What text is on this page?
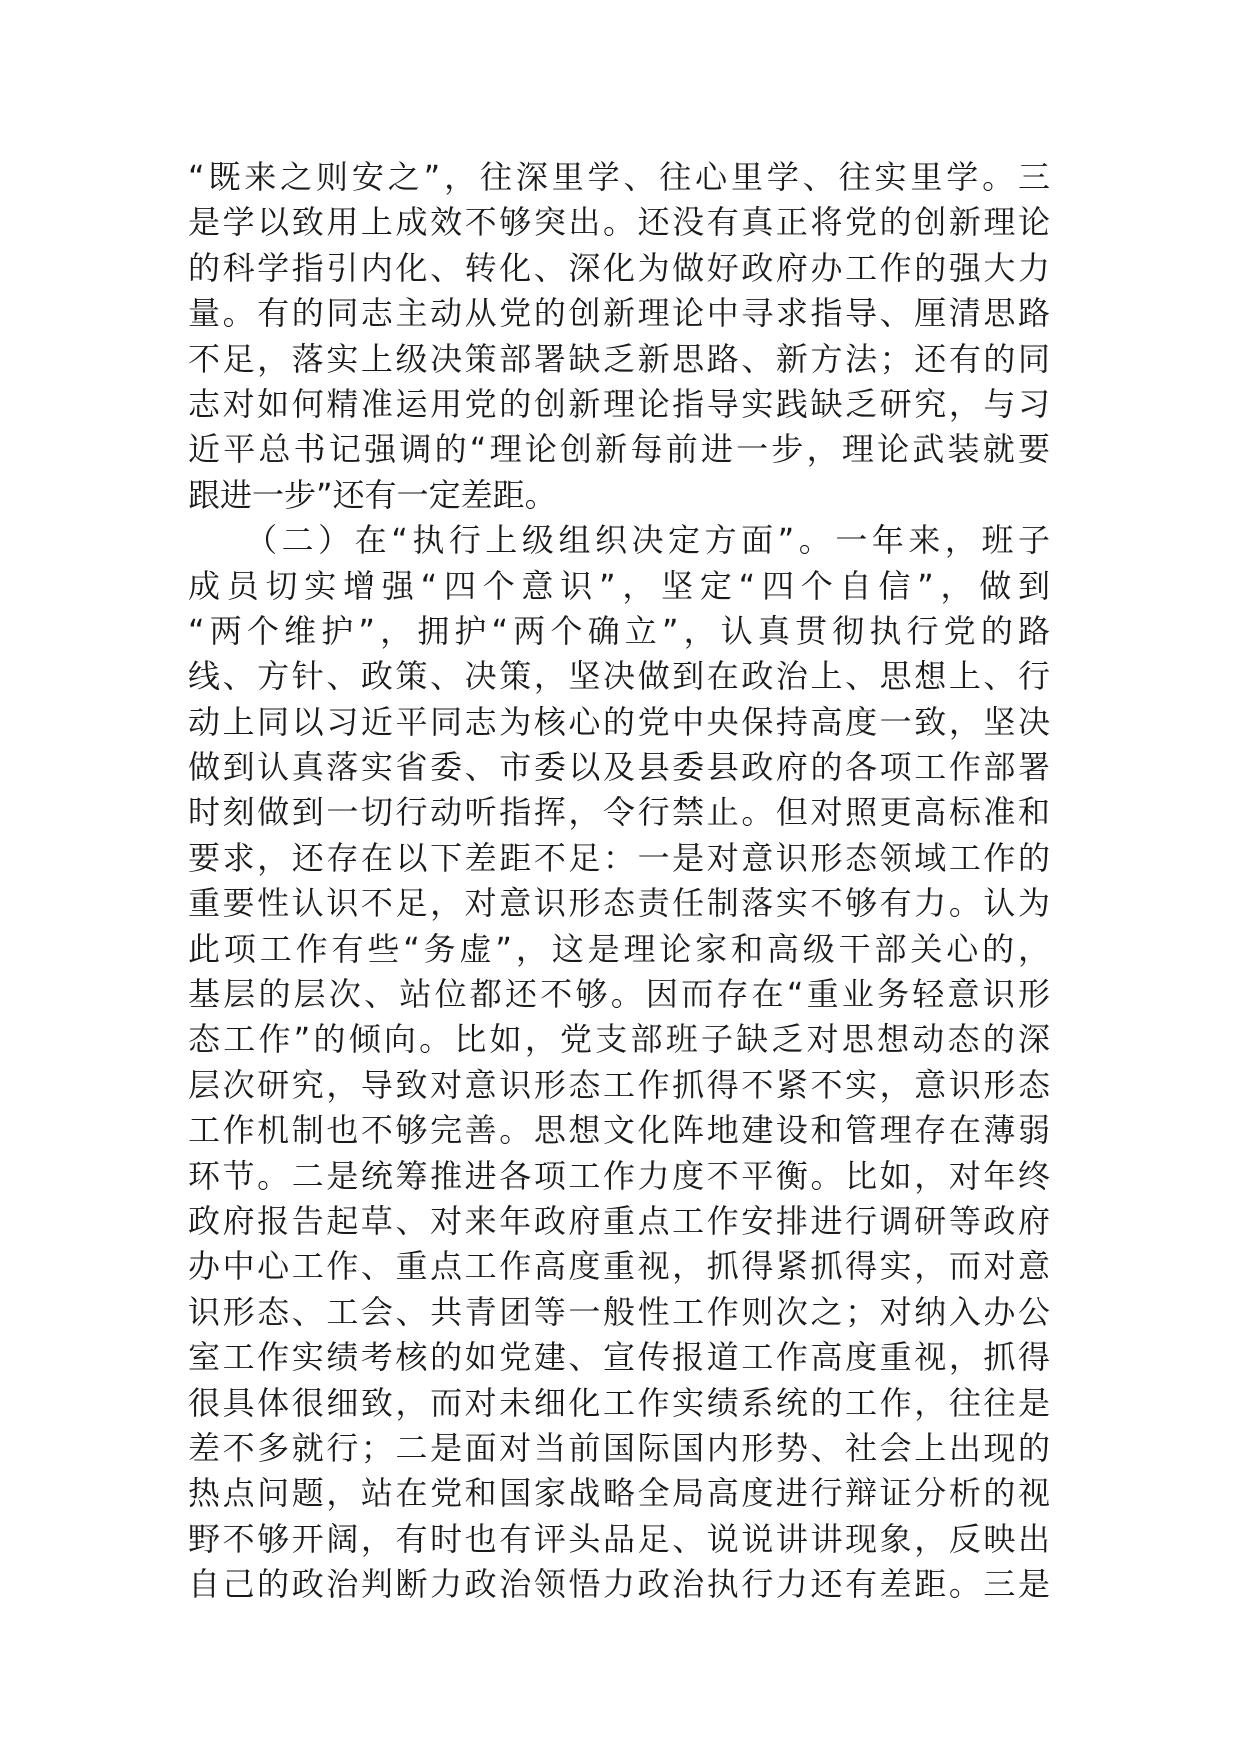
“既来之则安之”，往深里学、往心里学、往实里学。三
是学以致用上成效不够突出。还没有真正将党的创新理论
的科学指引内化、转化、深化为做好政府办工作的强大力
量。有的同志主动从党的创新理论中寻求指导、厘清思路
不足，落实上级决策部署缺乏新思路、新方法；还有的同
志对如何精准运用党的创新理论指导实践缺乏研究，与习
近平总书记强调的“理论创新每前进一步，理论武装就要
跟进一步”还有一定差距。
　　（二）在“执行上级组织决定方面”。一年来，班子
成员切实增强“四个意识”，坚定“四个自信”，做到
“两个维护”，拥护“两个确立”，认真贯彻执行党的路
线、方针、政策、决策，坚决做到在政治上、思想上、行
动上同以习近平同志为核心的党中央保持高度一致，坚决
做到认真落实省委、市委以及县委县政府的各项工作部署
时刻做到一切行动听指挥，令行禁止。但对照更高标准和
要求，还存在以下差距不足：一是对意识形态领域工作的
重要性认识不足，对意识形态责任制落实不够有力。认为
此项工作有些“务虚”，这是理论家和高级干部关心的，
基层的层次、站位都还不够。因而存在“重业务轻意识形
态工作”的倾向。比如，党支部班子缺乏对思想动态的深
层次研究，导致对意识形态工作抓得不紧不实，意识形态
工作机制也不够完善。思想文化阵地建设和管理存在薄弱
环节。二是统筹推进各项工作力度不平衡。比如，对年终
政府报告起草、对来年政府重点工作安排进行调研等政府
办中心工作、重点工作高度重视，抓得紧抓得实，而对意
识形态、工会、共青团等一般性工作则次之；对纳入办公
室工作实绩考核的如党建、宣传报道工作高度重视，抓得
很具体很细致，而对未细化工作实绩系统的工作，往往是
差不多就行；二是面对当前国际国内形势、社会上出现的
热点问题，站在党和国家战略全局高度进行辩证分析的视
野不够开阔，有时也有评头品足、说说讲讲现象，反映出
自己的政治判断力政治领悟力政治执行力还有差距。三是
